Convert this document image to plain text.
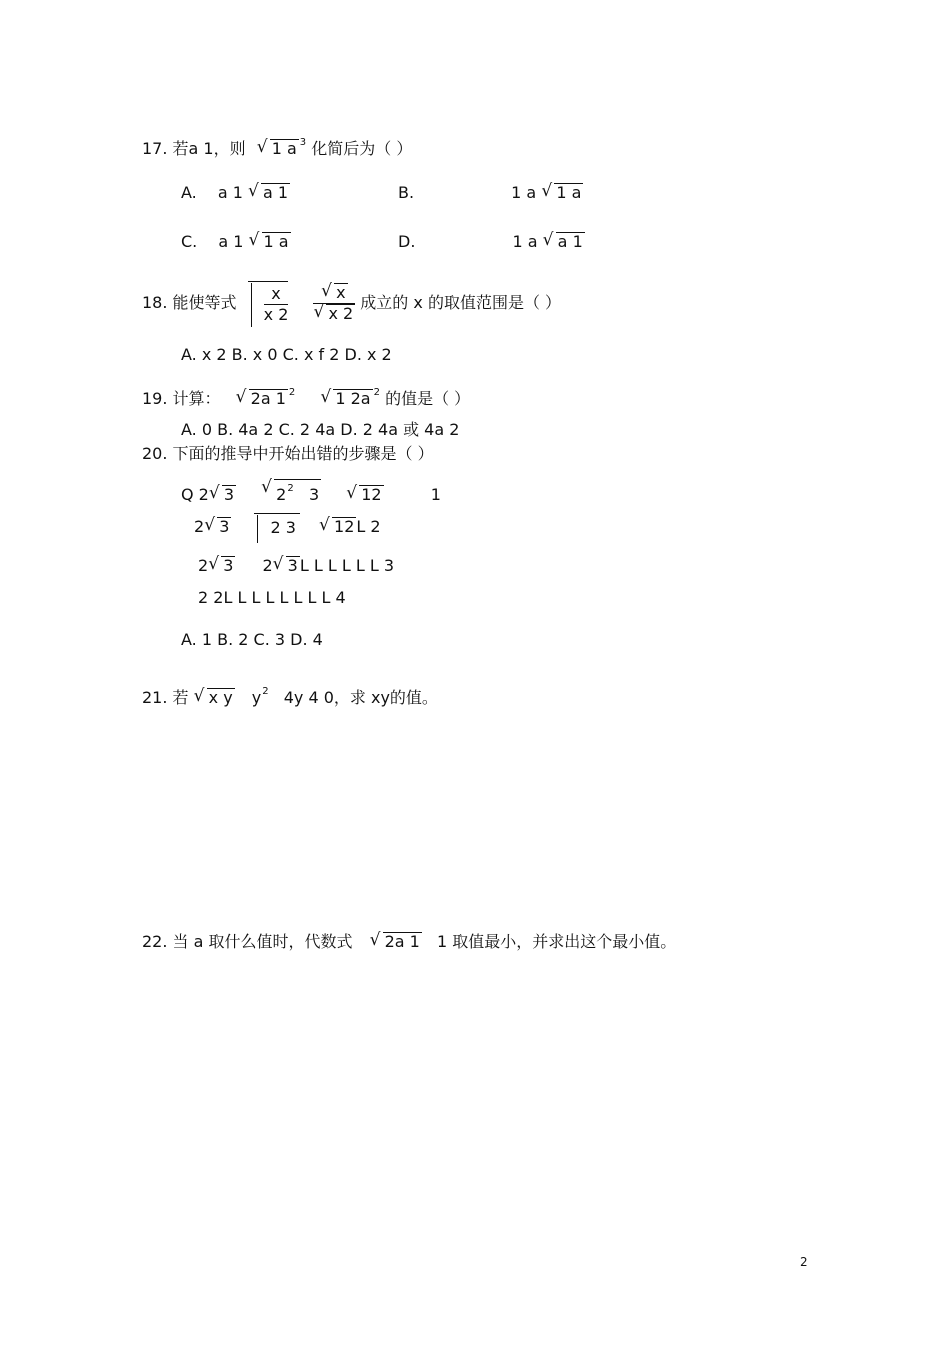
17. 若a 1，则 √ 1 a $^3$ 化简后为（ ）
A. a 1 √ a 1	B.	1 a √ 1 a
C. a 1 √ 1 a	D.	1 a √ a 1
18. 能使等式 $\frac{x}{x 2}$
√ x
√ x 2 成立的 x 的取值范围是（ ）
A. x 2 B. x 0 C. x f 2 D. x 2
19. 计算： √ 2a 1 $^2$	√ 1 2a $^2$ 的值是（ ）
A. 0 B. 4a 2 C. 2 4a D. 2 4a 或 4a 2
20. 下面的推导中开始出错的步骤是（ ）
Q 2 √ 3	√ $2^2$ 3	√ 12	1
2 √ 3	2 3 √ 12 L 2
2 √ 3 2 √ 3 L L L L L L 3
2 2L L L L L L L L 4
A. 1 B. 2 C. 3 D. 4
21. 若 √ x y $y^2$ 4y 4 0，求 xy的值。
22. 当 a 取什么值时，代数式 √ 2a 1 1 取值最小，并求出这个最小值。
2
